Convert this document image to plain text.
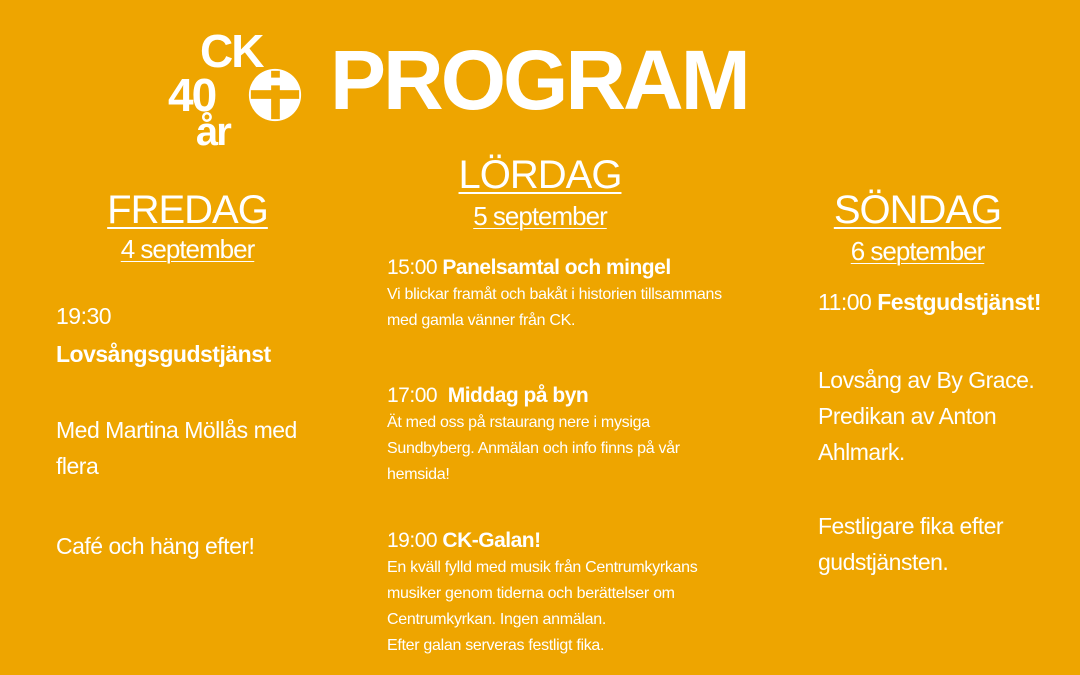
CK
40
år
PROGRAM
FREDAG
4 september
19:30
Lovsångsgudstjänst
Med Martina Möllås med flera
Café och häng efter!
LÖRDAG
5 september
15:00 Panelsamtal och mingel
Vi blickar framåt och bakåt i historien tillsammans med gamla vänner från CK.
17:00 Middag på byn
Ät med oss på rstaurang nere i mysiga Sundbyberg. Anmälan och info finns på vår hemsida!
19:00 CK-Galan!
En kväll fylld med musik från Centrumkyrkans musiker genom tiderna och berättelser om Centrumkyrkan. Ingen anmälan.
Efter galan serveras festligt fika.
SÖNDAG
6 september
11:00 Festgudstjänst!
Lovsång av By Grace. Predikan av Anton Ahlmark.
Festligare fika efter gudstjänsten.
